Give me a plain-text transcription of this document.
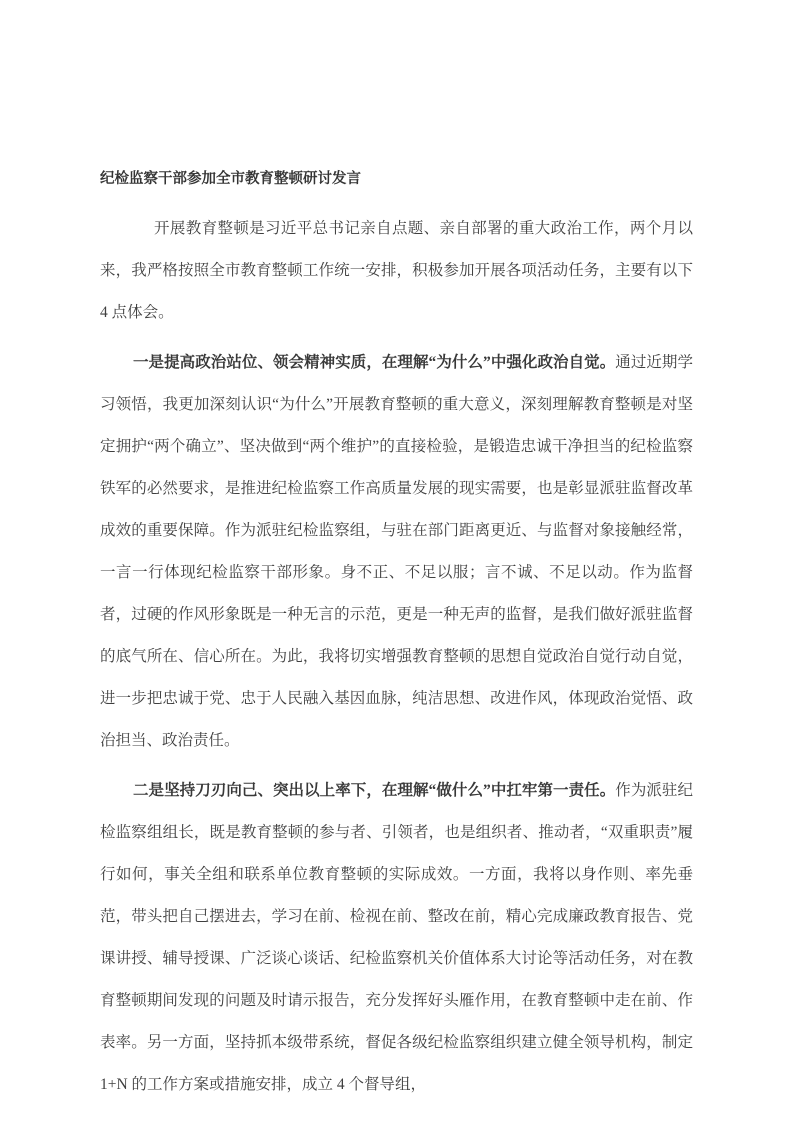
纪检监察干部参加全市教育整顿研讨发言

开展教育整顿是习近平总书记亲自点题、亲自部署的重大政治工作，两个月以来，我严格按照全市教育整顿工作统一安排，积极参加开展各项活动任务，主要有以下 4 点体会。

一是提高政治站位、领会精神实质，在理解“为什么”中强化政治自觉。通过近期学习领悟，我更加深刻认识“为什么”开展教育整顿的重大意义，深刻理解教育整顿是对坚定拥护“两个确立”、坚决做到“两个维护”的直接检验，是锻造忠诚干净担当的纪检监察铁军的必然要求，是推进纪检监察工作高质量发展的现实需要，也是彰显派驻监督改革成效的重要保障。作为派驻纪检监察组，与驻在部门距离更近、与监督对象接触经常，一言一行体现纪检监察干部形象。身不正、不足以服；言不诚、不足以动。作为监督者，过硬的作风形象既是一种无言的示范，更是一种无声的监督，是我们做好派驻监督的底气所在、信心所在。为此，我将切实增强教育整顿的思想自觉政治自觉行动自觉，进一步把忠诚于党、忠于人民融入基因血脉，纯洁思想、改进作风，体现政治觉悟、政治担当、政治责任。

二是坚持刀刃向己、突出以上率下，在理解“做什么”中扛牢第一责任。作为派驻纪检监察组组长，既是教育整顿的参与者、引领者，也是组织者、推动者，“双重职责”履行如何，事关全组和联系单位教育整顿的实际成效。一方面，我将以身作则、率先垂范，带头把自己摆进去，学习在前、检视在前、整改在前，精心完成廉政教育报告、党课讲授、辅导授课、广泛谈心谈话、纪检监察机关价值体系大讨论等活动任务，对在教育整顿期间发现的问题及时请示报告，充分发挥好头雁作用，在教育整顿中走在前、作表率。另一方面，坚持抓本级带系统，督促各级纪检监察组织建立健全领导机构，制定 1+N 的工作方案或措施安排，成立 4 个督导组，
